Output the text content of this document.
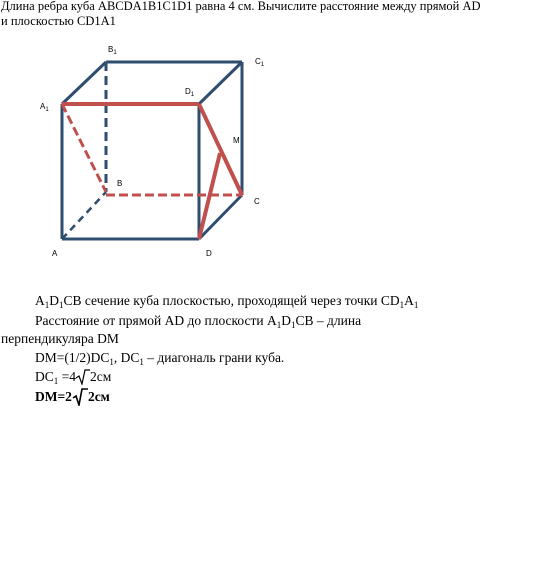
Длина ребра куба ABCDA1B1C1D1 равна 4 см. Вычислите расстояние между прямой AD
и плоскостью CD1A1
$B_1$
$C_1$
$A_1$
$D_1$
M
B
C
A	D
$A_1D_1CB$ сечение куба плоскостью, проходящей через точки $CD_1A_1$
Расстояние от прямой AD до плоскости $A_1D_1CB$ – длина
перпендикуляра DM
$DM=(1/2)DC_1$, $DC_1$ – диагональ грани куба.
$DC_1 =4$ 2см
DM=2 2см
